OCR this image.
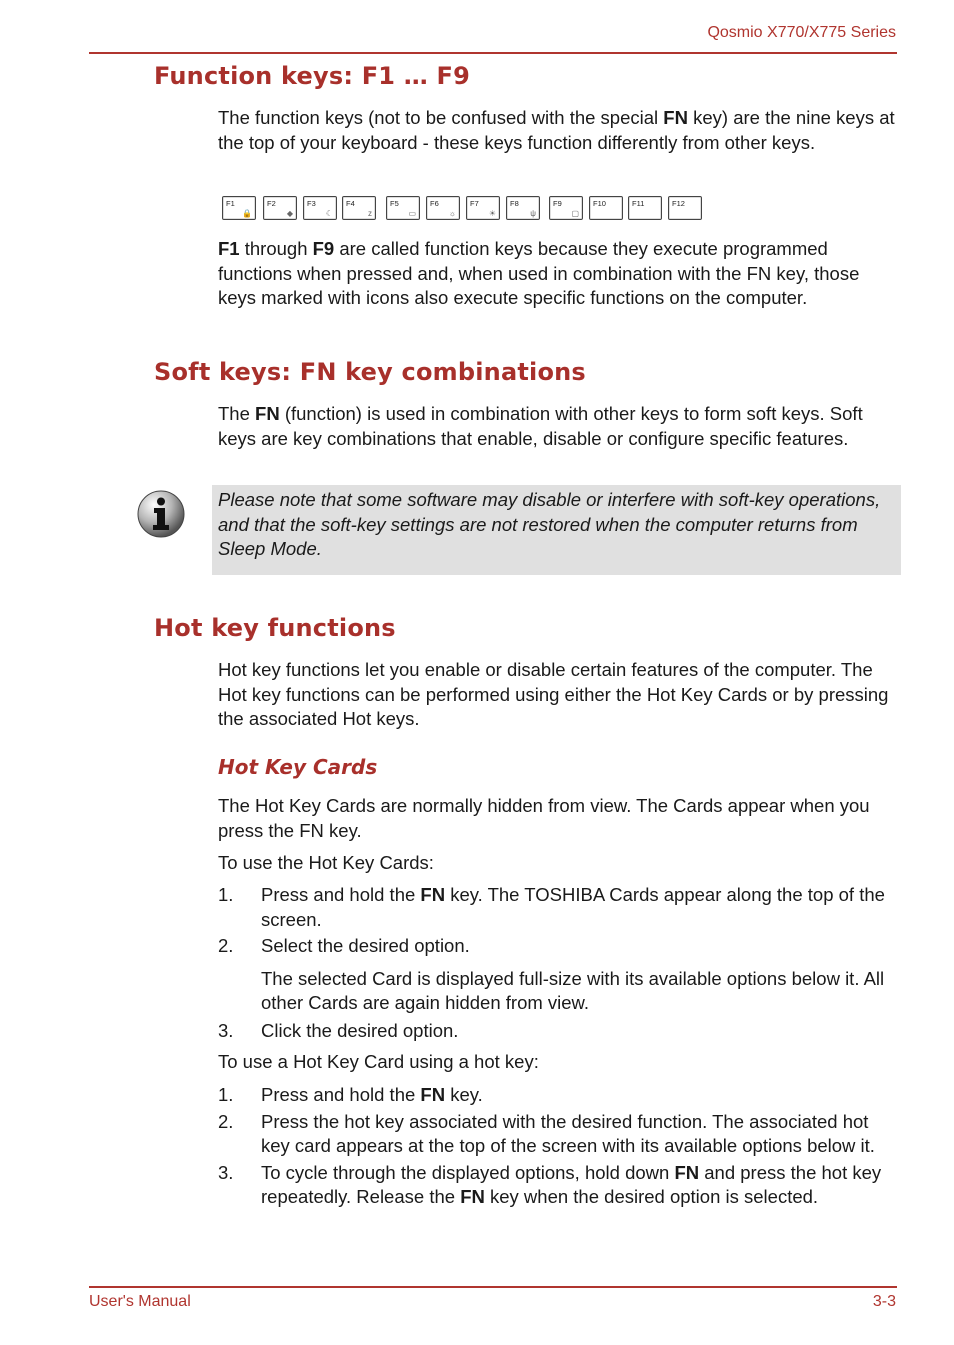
Qosmio X770/X775 Series
Function keys: F1 … F9

The function keys (not to be confused with the special FN key) are the nine keys at the top of your keyboard - these keys function differently from other keys.

F1
🔒
F2
◆
F3
☾
F4
z
F5
▭
F6
☼
F7
☀
F8
ψ
F9
▢
F10	F11	F12

F1 through F9 are called function keys because they execute programmed functions when pressed and, when used in combination with the FN key, those keys marked with icons also execute specific functions on the computer.

Soft keys: FN key combinations

The FN (function) is used in combination with other keys to form soft keys. Soft keys are key combinations that enable, disable or configure specific features.

Please note that some software may disable or interfere with soft-key operations, and that the soft-key settings are not restored when the computer returns from Sleep Mode.

Hot key functions

Hot key functions let you enable or disable certain features of the computer. The Hot key functions can be performed using either the Hot Key Cards or by pressing the associated Hot keys.

Hot Key Cards

The Hot Key Cards are normally hidden from view. The Cards appear when you press the FN key.

To use the Hot Key Cards:

1. Press and hold the FN key. The TOSHIBA Cards appear along the top of the screen.
2. Select the desired option.
The selected Card is displayed full-size with its available options below it. All other Cards are again hidden from view.
3. Click the desired option.

To use a Hot Key Card using a hot key:

1. Press and hold the FN key.
2. Press the hot key associated with the desired function. The associated hot key card appears at the top of the screen with its available options below it.
3. To cycle through the displayed options, hold down FN and press the hot key repeatedly. Release the FN key when the desired option is selected.
User's Manual	3-3
